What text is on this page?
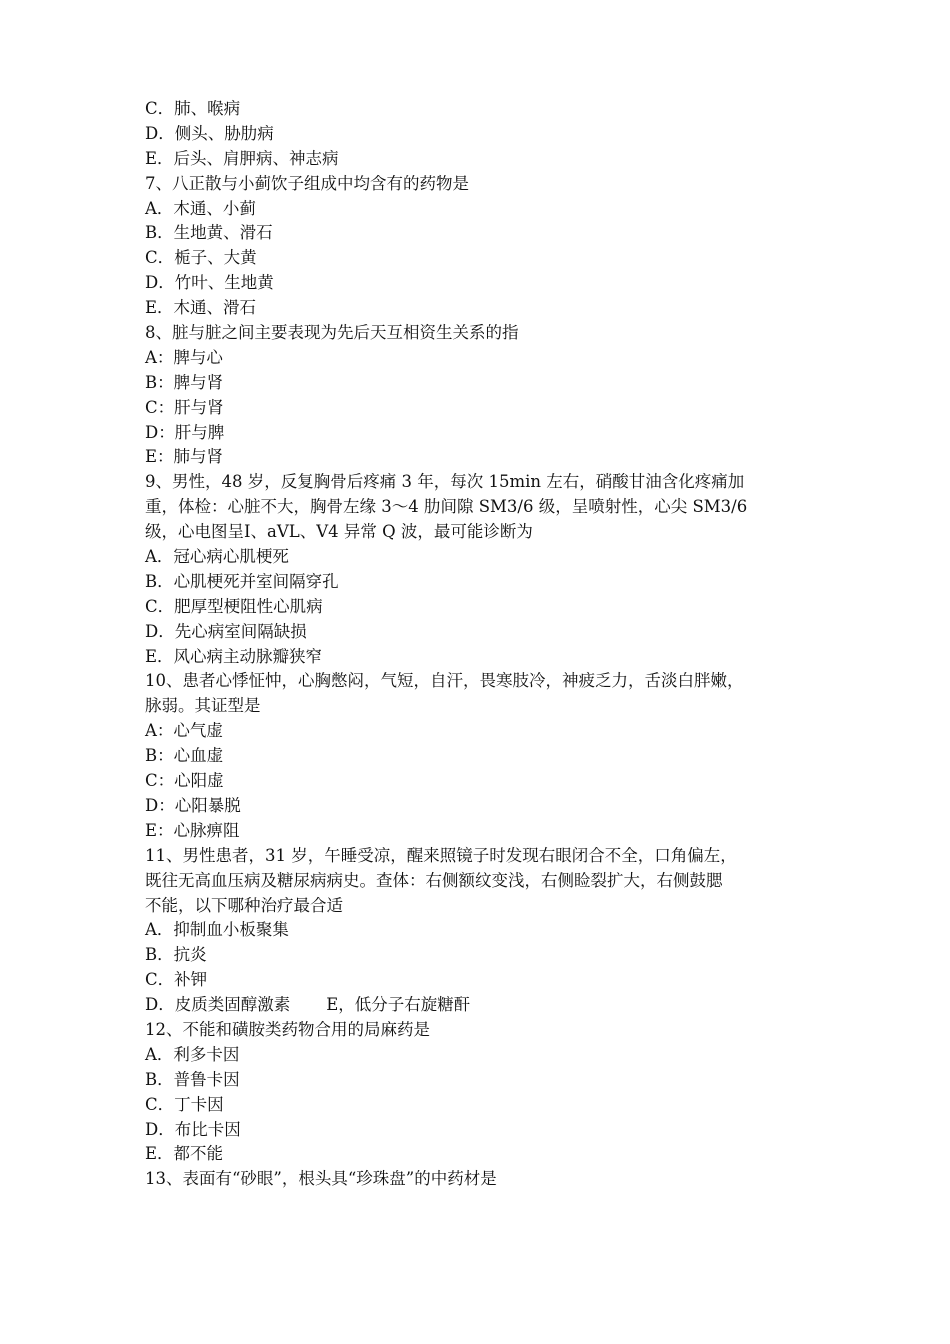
C．肺、喉病
D．侧头、胁肋病
E．后头、肩胛病、神志病
7、八正散与小蓟饮子组成中均含有的药物是
A．木通、小蓟
B．生地黄、滑石
C．栀子、大黄
D．竹叶、生地黄
E．木通、滑石
8、脏与脏之间主要表现为先后天互相资生关系的指
A：脾与心
B：脾与肾
C：肝与肾
D：肝与脾
E：肺与肾
9、男性，48 岁，反复胸骨后疼痛 3 年，每次 15min 左右，硝酸甘油含化疼痛加
重，体检：心脏不大，胸骨左缘 3～4 肋间隙 SM3/6 级，呈喷射性，心尖 SM3/6
级，心电图呈Ⅰ、aVL、V4 异常 Q 波，最可能诊断为
A．冠心病心肌梗死
B．心肌梗死并室间隔穿孔
C．肥厚型梗阻性心肌病
D．先心病室间隔缺损
E．风心病主动脉瓣狭窄
10、患者心悸怔忡，心胸憋闷，气短，自汗，畏寒肢冷，神疲乏力，舌淡白胖嫩，
脉弱。其证型是
A：心气虚
B：心血虚
C：心阳虚
D：心阳暴脱
E：心脉痹阻
11、男性患者，31 岁，午睡受凉，醒来照镜子时发现右眼闭合不全，口角偏左，
既往无高血压病及糖尿病病史。查体：右侧额纹变浅，右侧睑裂扩大，右侧鼓腮
不能，以下哪种治疗最合适
A．抑制血小板聚集
B．抗炎
C．补钾
D．皮质类固醇激素 E，低分子右旋糖酐
12、不能和磺胺类药物合用的局麻药是
A．利多卡因
B．普鲁卡因
C．丁卡因
D．布比卡因
E．都不能
13、表面有“砂眼”，根头具“珍珠盘”的中药材是
